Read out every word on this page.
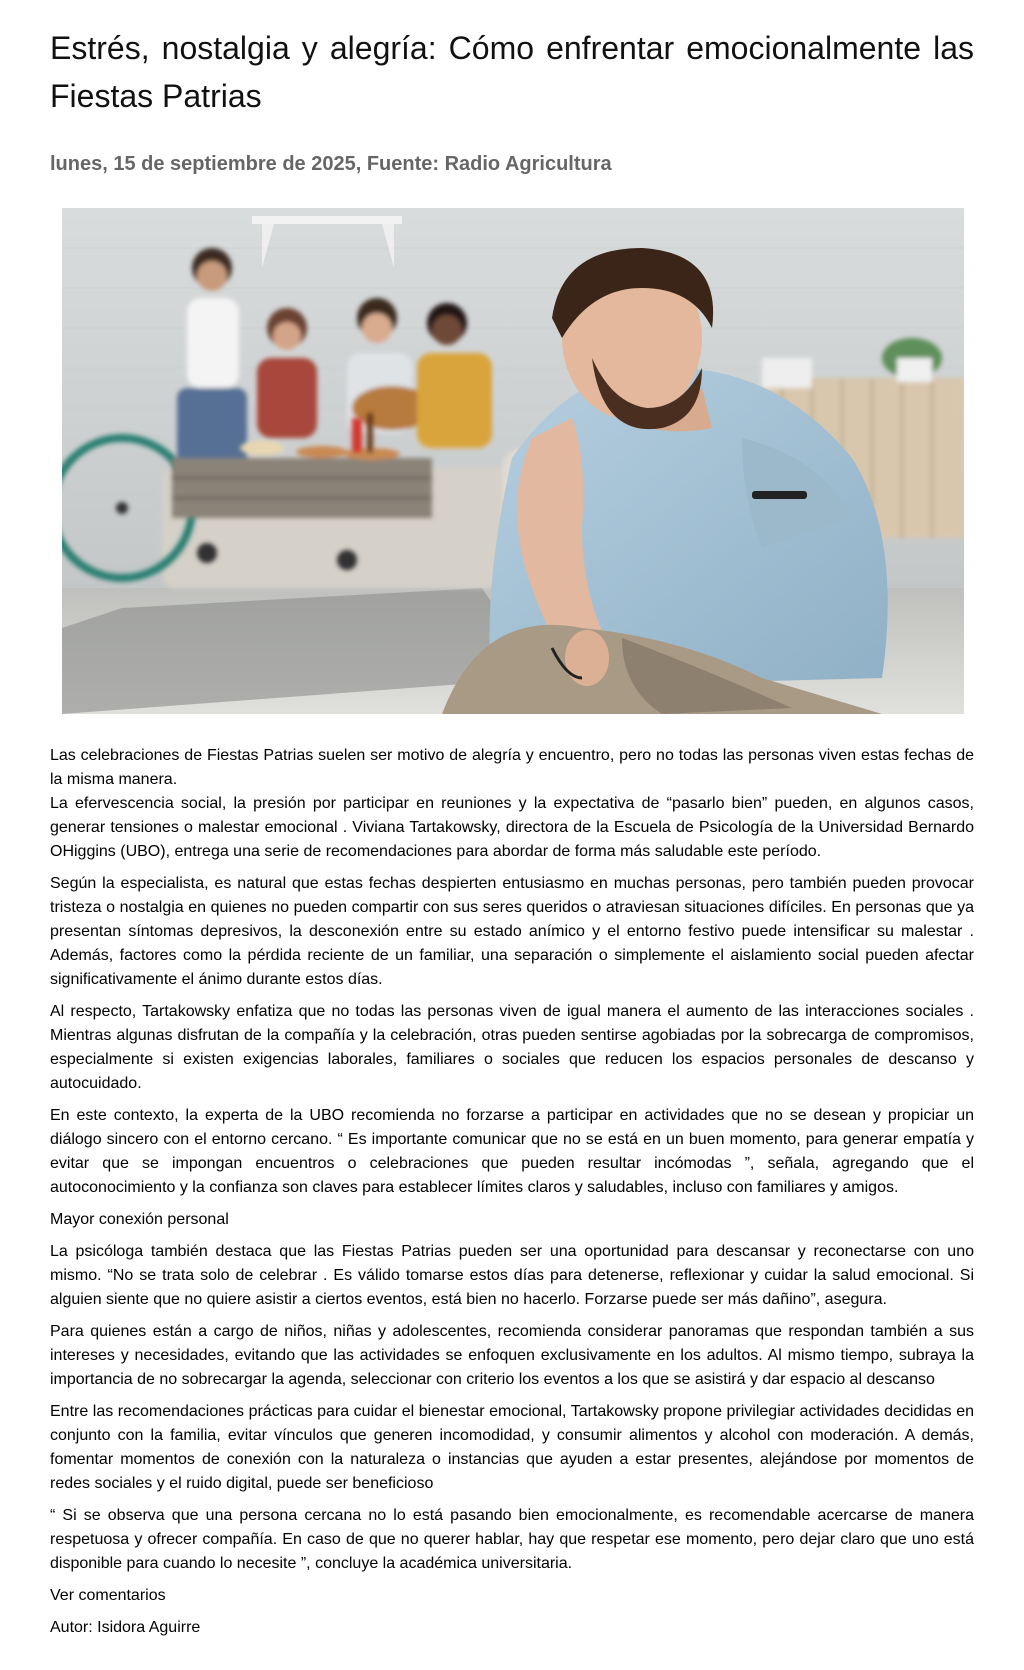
Estrés, nostalgia y alegría: Cómo enfrentar emocionalmente las Fiestas Patrias
lunes, 15 de septiembre de 2025, Fuente: Radio Agricultura

Las celebraciones de Fiestas Patrias suelen ser motivo de alegría y encuentro, pero no todas las personas viven estas fechas de la misma manera.
La efervescencia social, la presión por participar en reuniones y la expectativa de “pasarlo bien” pueden, en algunos casos, generar tensiones o malestar emocional . Viviana Tartakowsky, directora de la Escuela de Psicología de la Universidad Bernardo OHiggins (UBO), entrega una serie de recomendaciones para abordar de forma más saludable este período.

Según la especialista, es natural que estas fechas despierten entusiasmo en muchas personas, pero también pueden provocar tristeza o nostalgia en quienes no pueden compartir con sus seres queridos o atraviesan situaciones difíciles. En personas que ya presentan síntomas depresivos, la desconexión entre su estado anímico y el entorno festivo puede intensificar su malestar . Además, factores como la pérdida reciente de un familiar, una separación o simplemente el aislamiento social pueden afectar significativamente el ánimo durante estos días.

Al respecto, Tartakowsky enfatiza que no todas las personas viven de igual manera el aumento de las interacciones sociales . Mientras algunas disfrutan de la compañía y la celebración, otras pueden sentirse agobiadas por la sobrecarga de compromisos, especialmente si existen exigencias laborales, familiares o sociales que reducen los espacios personales de descanso y autocuidado.

En este contexto, la experta de la UBO recomienda no forzarse a participar en actividades que no se desean y propiciar un diálogo sincero con el entorno cercano. “ Es importante comunicar que no se está en un buen momento, para generar empatía y evitar que se impongan encuentros o celebraciones que pueden resultar incómodas ”, señala, agregando que el autoconocimiento y la confianza son claves para establecer límites claros y saludables, incluso con familiares y amigos.

Mayor conexión personal

La psicóloga también destaca que las Fiestas Patrias pueden ser una oportunidad para descansar y reconectarse con uno mismo. “No se trata solo de celebrar . Es válido tomarse estos días para detenerse, reflexionar y cuidar la salud emocional. Si alguien siente que no quiere asistir a ciertos eventos, está bien no hacerlo. Forzarse puede ser más dañino”, asegura.

Para quienes están a cargo de niños, niñas y adolescentes, recomienda considerar panoramas que respondan también a sus intereses y necesidades, evitando que las actividades se enfoquen exclusivamente en los adultos. Al mismo tiempo, subraya la importancia de no sobrecargar la agenda, seleccionar con criterio los eventos a los que se asistirá y dar espacio al descanso

Entre las recomendaciones prácticas para cuidar el bienestar emocional, Tartakowsky propone privilegiar actividades decididas en conjunto con la familia, evitar vínculos que generen incomodidad, y consumir alimentos y alcohol con moderación. A demás, fomentar momentos de conexión con la naturaleza o instancias que ayuden a estar presentes, alejándose por momentos de redes sociales y el ruido digital, puede ser beneficioso

“ Si se observa que una persona cercana no lo está pasando bien emocionalmente, es recomendable acercarse de manera respetuosa y ofrecer compañía. En caso de que no querer hablar, hay que respetar ese momento, pero dejar claro que uno está disponible para cuando lo necesite ”, concluye la académica universitaria.

Ver comentarios
Autor: Isidora Aguirre
